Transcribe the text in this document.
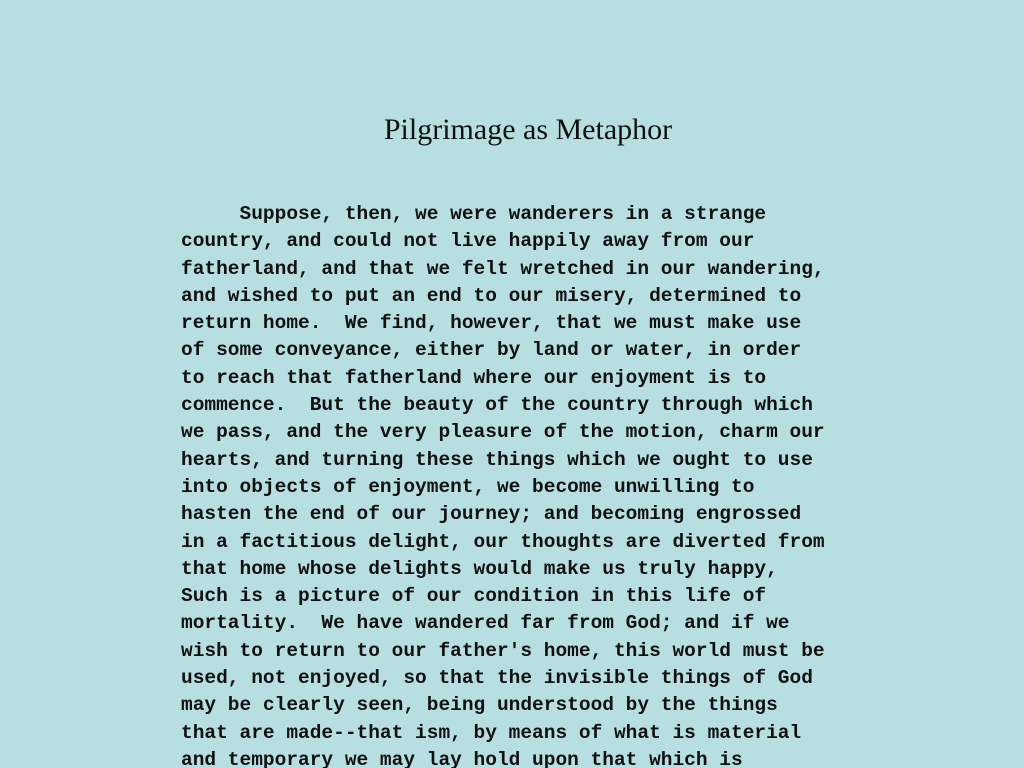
Pilgrimage as Metaphor
Suppose, then, we were wanderers in a strange
country, and could not live happily away from our
fatherland, and that we felt wretched in our wandering,
and wished to put an end to our misery, determined to
return home.  We find, however, that we must make use
of some conveyance, either by land or water, in order
to reach that fatherland where our enjoyment is to
commence.  But the beauty of the country through which
we pass, and the very pleasure of the motion, charm our
hearts, and turning these things which we ought to use
into objects of enjoyment, we become unwilling to
hasten the end of our journey; and becoming engrossed
in a factitious delight, our thoughts are diverted from
that home whose delights would make us truly happy,
Such is a picture of our condition in this life of
mortality.  We have wandered far from God; and if we
wish to return to our father's home, this world must be
used, not enjoyed, so that the invisible things of God
may be clearly seen, being understood by the things
that are made--that ism, by means of what is material
and temporary we may lay hold upon that which is
